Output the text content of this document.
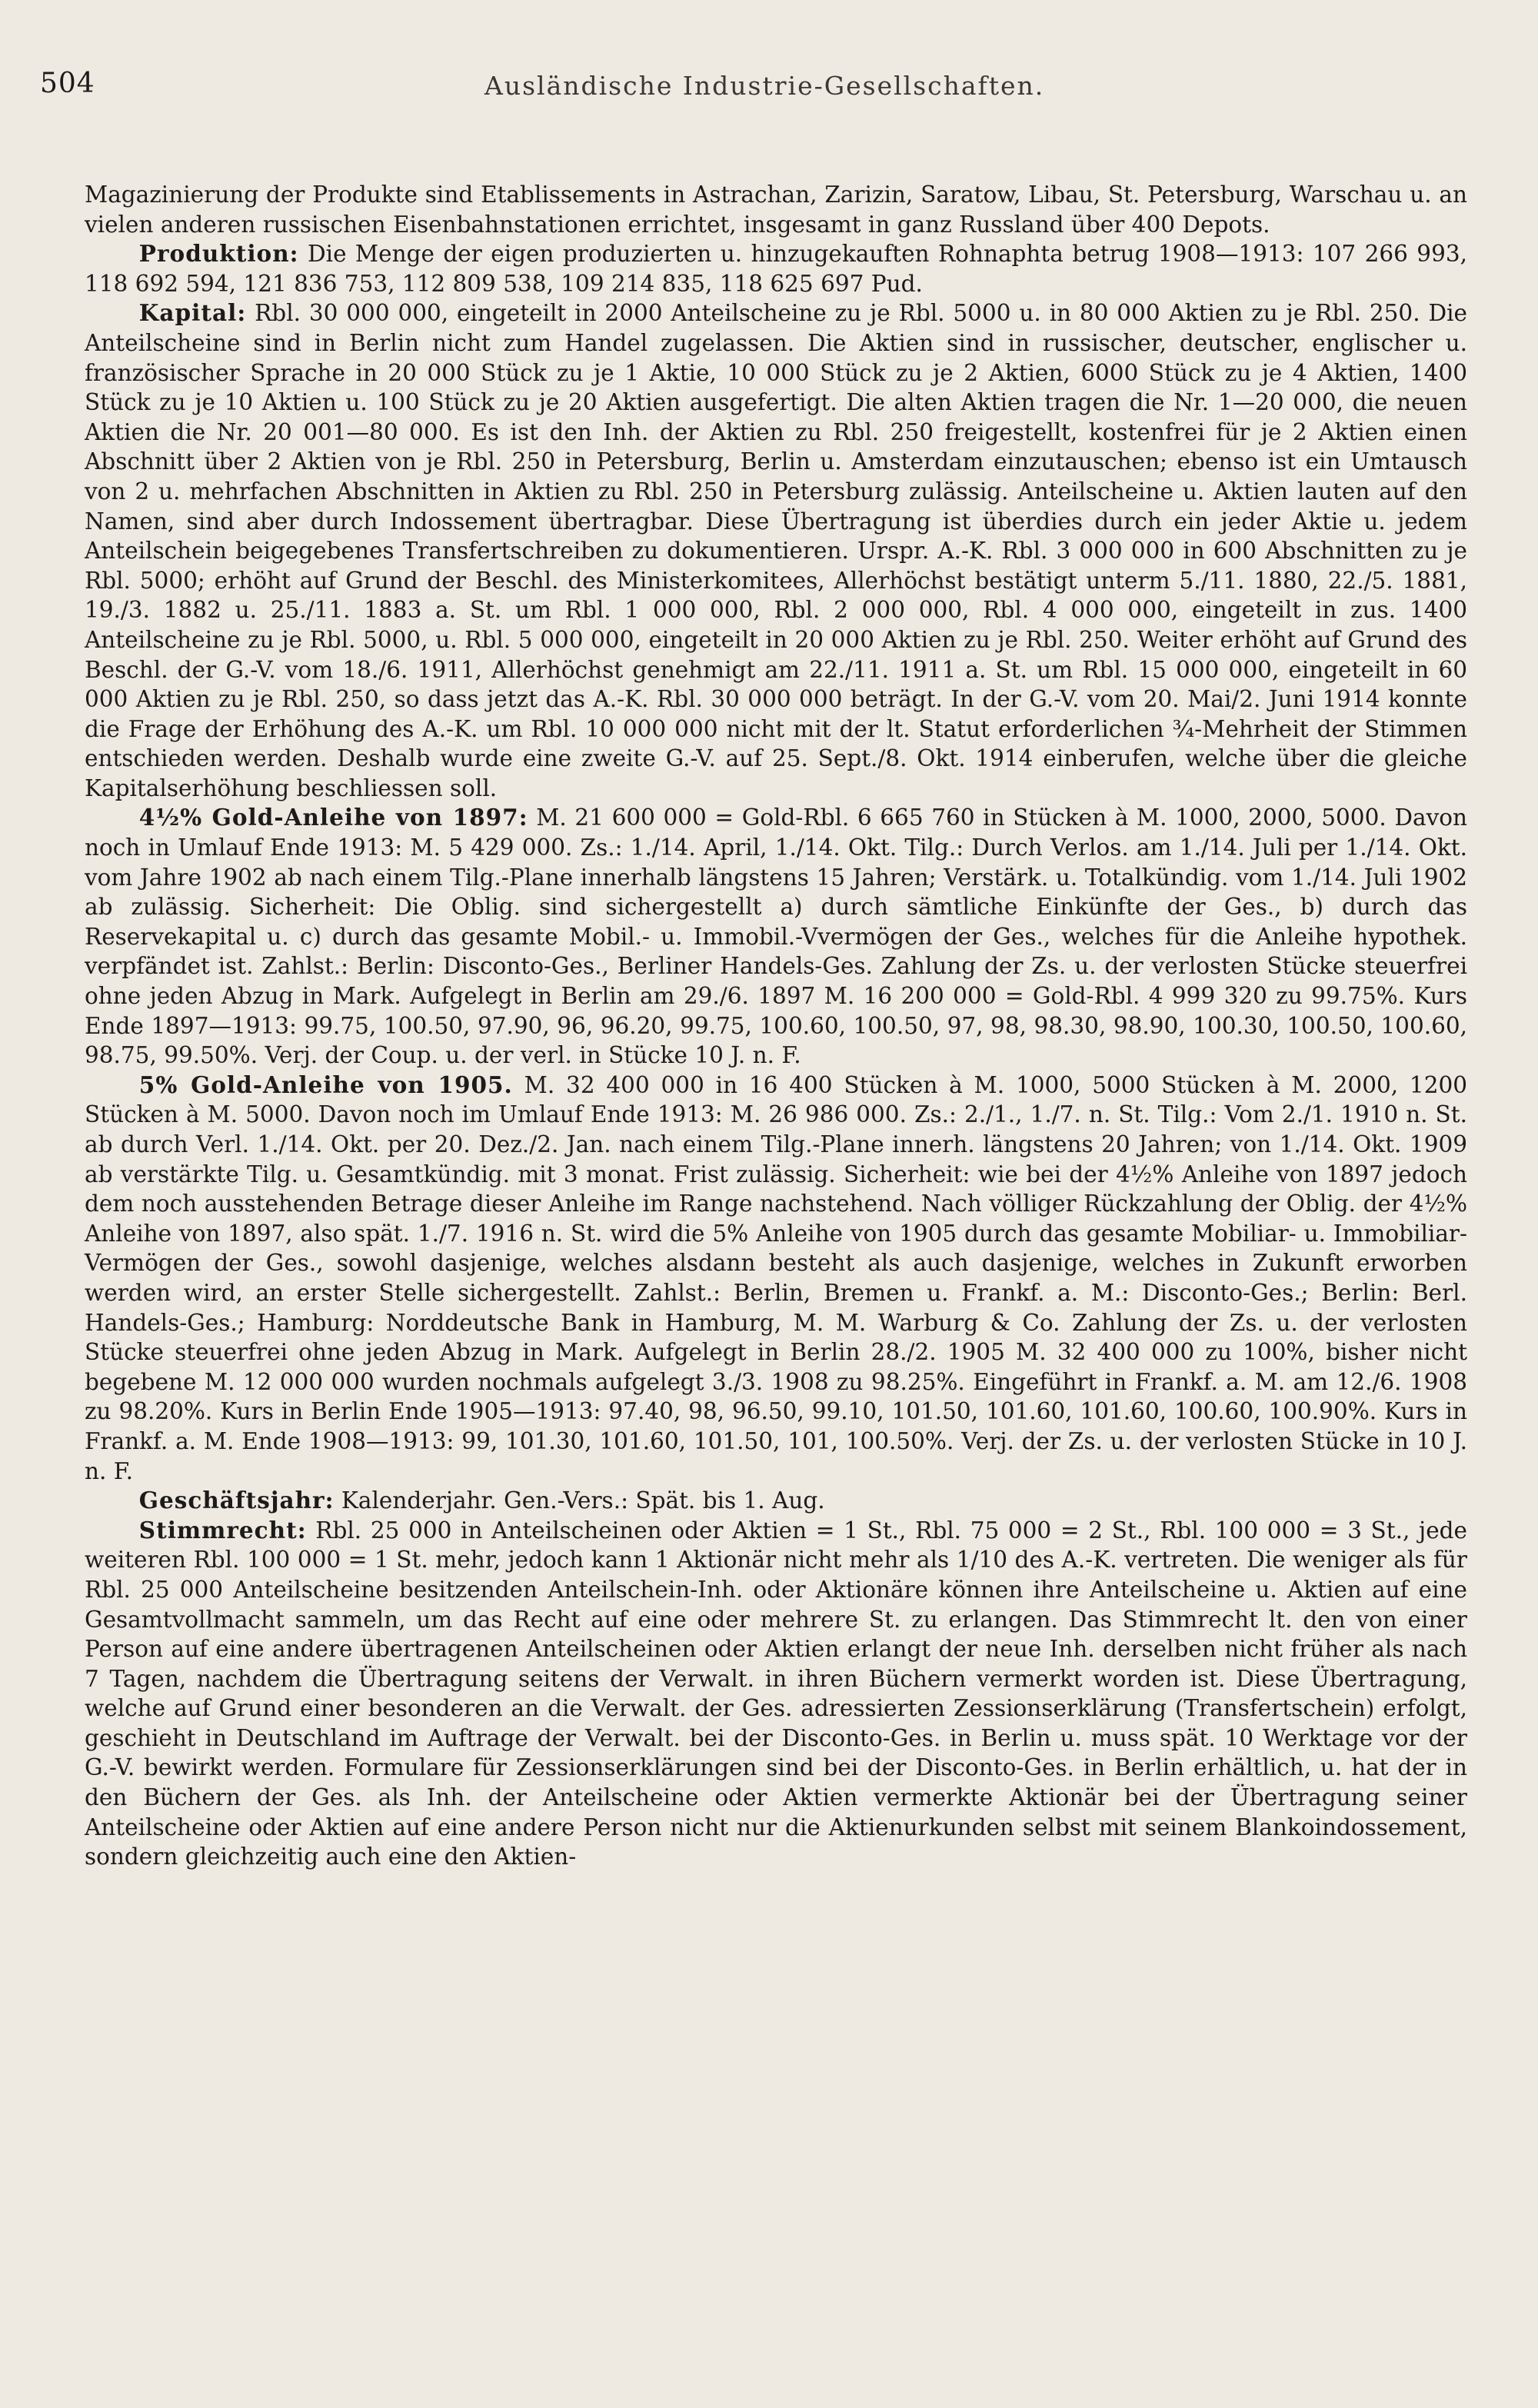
504	Ausländische Industrie-Gesellschaften.

Magazinierung der Produkte sind Etablissements in Astrachan, Zarizin, Saratow, Libau, St. Petersburg, Warschau u. an vielen anderen russischen Eisenbahnstationen errichtet, insgesamt in ganz Russland über 400 Depots.

Produktion: Die Menge der eigen produzierten u. hinzugekauften Rohnaphta betrug 1908—1913: 107 266 993, 118 692 594, 121 836 753, 112 809 538, 109 214 835, 118 625 697 Pud.

Kapital: Rbl. 30 000 000, eingeteilt in 2000 Anteilscheine zu je Rbl. 5000 u. in 80 000 Aktien zu je Rbl. 250. Die Anteilscheine sind in Berlin nicht zum Handel zugelassen. Die Aktien sind in russischer, deutscher, englischer u. französischer Sprache in 20 000 Stück zu je 1 Aktie, 10 000 Stück zu je 2 Aktien, 6000 Stück zu je 4 Aktien, 1400 Stück zu je 10 Aktien u. 100 Stück zu je 20 Aktien ausgefertigt. Die alten Aktien tragen die Nr. 1—20 000, die neuen Aktien die Nr. 20 001—80 000. Es ist den Inh. der Aktien zu Rbl. 250 freigestellt, kostenfrei für je 2 Aktien einen Abschnitt über 2 Aktien von je Rbl. 250 in Petersburg, Berlin u. Amsterdam einzutauschen; ebenso ist ein Umtausch von 2 u. mehrfachen Abschnitten in Aktien zu Rbl. 250 in Petersburg zulässig. Anteilscheine u. Aktien lauten auf den Namen, sind aber durch Indossement übertragbar. Diese Übertragung ist überdies durch ein jeder Aktie u. jedem Anteilschein beigegebenes Transfertschreiben zu dokumentieren. Urspr. A.-K. Rbl. 3 000 000 in 600 Abschnitten zu je Rbl. 5000; erhöht auf Grund der Beschl. des Ministerkomitees, Allerhöchst bestätigt unterm 5./11. 1880, 22./5. 1881, 19./3. 1882 u. 25./11. 1883 a. St. um Rbl. 1 000 000, Rbl. 2 000 000, Rbl. 4 000 000, eingeteilt in zus. 1400 Anteilscheine zu je Rbl. 5000, u. Rbl. 5 000 000, eingeteilt in 20 000 Aktien zu je Rbl. 250. Weiter erhöht auf Grund des Beschl. der G.-V. vom 18./6. 1911, Allerhöchst genehmigt am 22./11. 1911 a. St. um Rbl. 15 000 000, eingeteilt in 60 000 Aktien zu je Rbl. 250, so dass jetzt das A.-K. Rbl. 30 000 000 beträgt. In der G.-V. vom 20. Mai/2. Juni 1914 konnte die Frage der Erhöhung des A.-K. um Rbl. 10 000 000 nicht mit der lt. Statut erforderlichen ¾-Mehrheit der Stimmen entschieden werden. Deshalb wurde eine zweite G.-V. auf 25. Sept./8. Okt. 1914 einberufen, welche über die gleiche Kapitalserhöhung beschliessen soll.

4½% Gold-Anleihe von 1897: M. 21 600 000 = Gold-Rbl. 6 665 760 in Stücken à M. 1000, 2000, 5000. Davon noch in Umlauf Ende 1913: M. 5 429 000. Zs.: 1./14. April, 1./14. Okt. Tilg.: Durch Verlos. am 1./14. Juli per 1./14. Okt. vom Jahre 1902 ab nach einem Tilg.-Plane innerhalb längstens 15 Jahren; Verstärk. u. Totalkündig. vom 1./14. Juli 1902 ab zulässig. Sicherheit: Die Oblig. sind sichergestellt a) durch sämtliche Einkünfte der Ges., b) durch das Reservekapital u. c) durch das gesamte Mobil.- u. Immobil.-Vvermögen der Ges., welches für die Anleihe hypothek. verpfändet ist. Zahlst.: Berlin: Disconto-Ges., Berliner Handels-Ges. Zahlung der Zs. u. der verlosten Stücke steuerfrei ohne jeden Abzug in Mark. Aufgelegt in Berlin am 29./6. 1897 M. 16 200 000 = Gold-Rbl. 4 999 320 zu 99.75%. Kurs Ende 1897—1913: 99.75, 100.50, 97.90, 96, 96.20, 99.75, 100.60, 100.50, 97, 98, 98.30, 98.90, 100.30, 100.50, 100.60, 98.75, 99.50%. Verj. der Coup. u. der verl. in Stücke 10 J. n. F.

5% Gold-Anleihe von 1905. M. 32 400 000 in 16 400 Stücken à M. 1000, 5000 Stücken à M. 2000, 1200 Stücken à M. 5000. Davon noch im Umlauf Ende 1913: M. 26 986 000. Zs.: 2./1., 1./7. n. St. Tilg.: Vom 2./1. 1910 n. St. ab durch Verl. 1./14. Okt. per 20. Dez./2. Jan. nach einem Tilg.-Plane innerh. längstens 20 Jahren; von 1./14. Okt. 1909 ab verstärkte Tilg. u. Gesamtkündig. mit 3 monat. Frist zulässig. Sicherheit: wie bei der 4½% Anleihe von 1897 jedoch dem noch ausstehenden Betrage dieser Anleihe im Range nachstehend. Nach völliger Rückzahlung der Oblig. der 4½% Anleihe von 1897, also spät. 1./7. 1916 n. St. wird die 5% Anleihe von 1905 durch das gesamte Mobiliar- u. Immobiliar-Vermögen der Ges., sowohl dasjenige, welches alsdann besteht als auch dasjenige, welches in Zukunft erworben werden wird, an erster Stelle sichergestellt. Zahlst.: Berlin, Bremen u. Frankf. a. M.: Disconto-Ges.; Berlin: Berl. Handels-Ges.; Hamburg: Norddeutsche Bank in Hamburg, M. M. Warburg & Co. Zahlung der Zs. u. der verlosten Stücke steuerfrei ohne jeden Abzug in Mark. Aufgelegt in Berlin 28./2. 1905 M. 32 400 000 zu 100%, bisher nicht begebene M. 12 000 000 wurden nochmals aufgelegt 3./3. 1908 zu 98.25%. Eingeführt in Frankf. a. M. am 12./6. 1908 zu 98.20%. Kurs in Berlin Ende 1905—1913: 97.40, 98, 96.50, 99.10, 101.50, 101.60, 101.60, 100.60, 100.90%. Kurs in Frankf. a. M. Ende 1908—1913: 99, 101.30, 101.60, 101.50, 101, 100.50%. Verj. der Zs. u. der verlosten Stücke in 10 J. n. F.

Geschäftsjahr: Kalenderjahr. Gen.-Vers.: Spät. bis 1. Aug.

Stimmrecht: Rbl. 25 000 in Anteilscheinen oder Aktien = 1 St., Rbl. 75 000 = 2 St., Rbl. 100 000 = 3 St., jede weiteren Rbl. 100 000 = 1 St. mehr, jedoch kann 1 Aktionär nicht mehr als 1/10 des A.-K. vertreten. Die weniger als für Rbl. 25 000 Anteilscheine besitzenden Anteilschein-Inh. oder Aktionäre können ihre Anteilscheine u. Aktien auf eine Gesamtvollmacht sammeln, um das Recht auf eine oder mehrere St. zu erlangen. Das Stimmrecht lt. den von einer Person auf eine andere übertragenen Anteilscheinen oder Aktien erlangt der neue Inh. derselben nicht früher als nach 7 Tagen, nachdem die Übertragung seitens der Verwalt. in ihren Büchern vermerkt worden ist. Diese Übertragung, welche auf Grund einer besonderen an die Verwalt. der Ges. adressierten Zessionserklärung (Transfertschein) erfolgt, geschieht in Deutschland im Auftrage der Verwalt. bei der Disconto-Ges. in Berlin u. muss spät. 10 Werktage vor der G.-V. bewirkt werden. Formulare für Zessionserklärungen sind bei der Disconto-Ges. in Berlin erhältlich, u. hat der in den Büchern der Ges. als Inh. der Anteilscheine oder Aktien vermerkte Aktionär bei der Übertragung seiner Anteilscheine oder Aktien auf eine andere Person nicht nur die Aktienurkunden selbst mit seinem Blankoindossement, sondern gleichzeitig auch eine den Aktien-
